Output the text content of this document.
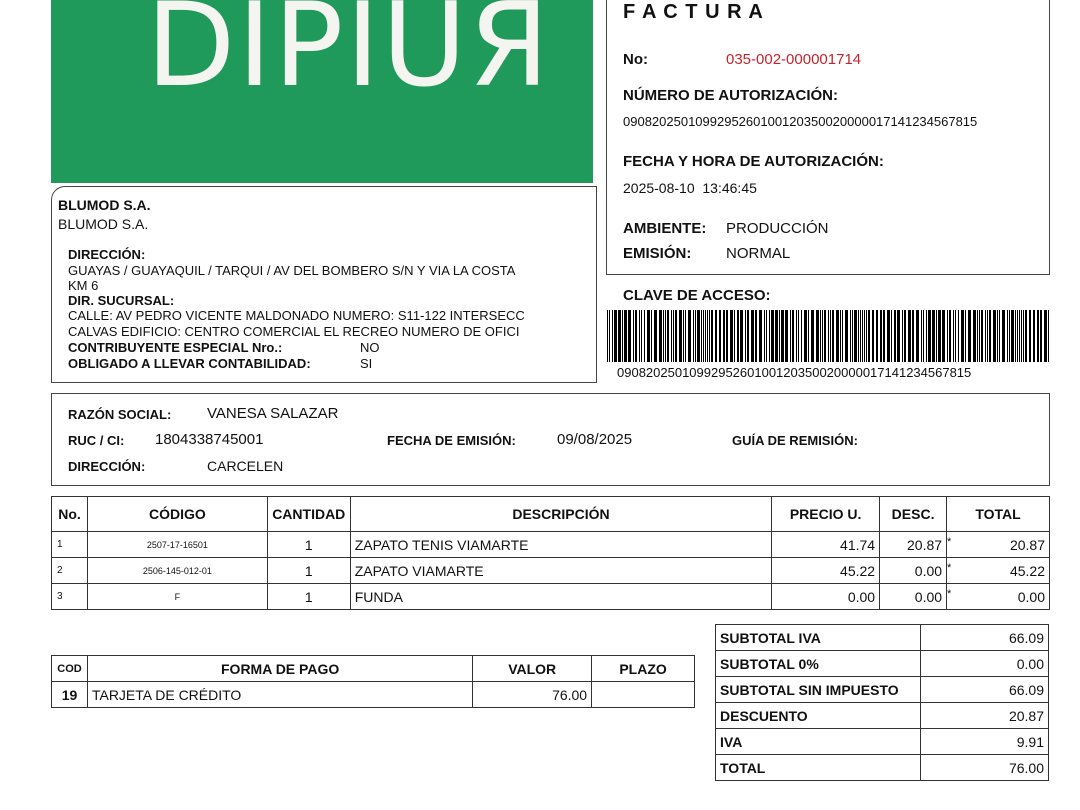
DIPIUЯ
BLUMOD S.A.
BLUMOD S.A.
DIRECCIÓN:
GUAYAS / GUAYAQUIL / TARQUI / AV DEL BOMBERO S/N Y VIA LA COSTA
KM 6
DIR. SUCURSAL:
CALLE: AV PEDRO VICENTE MALDONADO NUMERO: S11-122 INTERSECC
CALVAS EDIFICIO: CENTRO COMERCIAL EL RECREO NUMERO DE OFICI
CONTRIBUYENTE ESPECIAL Nro.:	NO
OBLIGADO A LLEVAR CONTABILIDAD:	SI
F A C T U R A
No:	035-002-000001714
NÚMERO DE AUTORIZACIÓN:
0908202501099295260100120350020000017141234567815
FECHA Y HORA DE AUTORIZACIÓN:
2025-08-10  13:46:45
AMBIENTE: PRODUCCIÓN
EMISIÓN: NORMAL
CLAVE DE ACCESO:
0908202501099295260100120350020000017141234567815
RAZÓN SOCIAL: VANESA SALAZAR
RUC / CI: 1804338745001	FECHA DE EMISIÓN:	09/08/2025	GUÍA DE REMISIÓN:
DIRECCIÓN:	CARCELEN
No.	CÓDIGO	CANTIDAD	DESCRIPCIÓN	PRECIO U.	DESC.	TOTAL
1	2507-17-16501	1	ZAPATO TENIS VIAMARTE	41.74	20.87	* 20.87
2	2506-145-012-01	1	ZAPATO VIAMARTE	45.22	0.00	* 45.22
3	F	1	FUNDA	0.00	0.00	* 0.00
COD	FORMA DE PAGO	VALOR	PLAZO
19	TARJETA DE CRÉDITO	76.00	
SUBTOTAL IVA	66.09
SUBTOTAL 0%	0.00
SUBTOTAL SIN IMPUESTO	66.09
DESCUENTO	20.87
IVA	9.91
TOTAL	76.00
